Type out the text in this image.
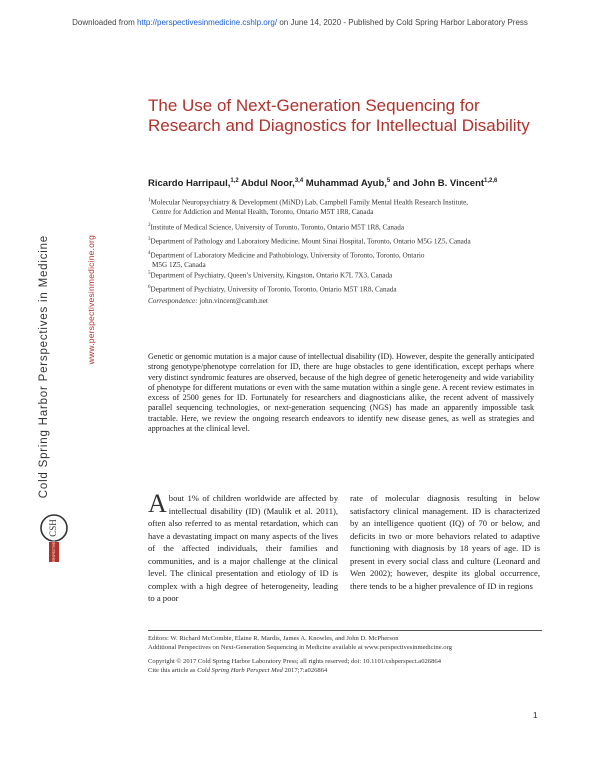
Downloaded from http://perspectivesinmedicine.cshlp.org/ on June 14, 2020 - Published by Cold Spring Harbor Laboratory Press
Cold Spring Harbor Perspectives in Medicine	www.perspectivesinmedicine.org
CSH
PERSPECTIVES
The Use of Next-Generation Sequencing for Research and Diagnostics for Intellectual Disability
Ricardo Harripaul,$^{1,2}$ Abdul Noor,$^{3,4}$ Muhammad Ayub,$^5$ and John B. Vincent$^{1,2,6}$
$^1$Molecular Neuropsychiatry & Development (MiND) Lab, Campbell Family Mental Health Research Institute,
Centre for Addiction and Mental Health, Toronto, Ontario M5T 1R8, Canada
$^2$Institute of Medical Science, University of Toronto, Toronto, Ontario M5T 1R8, Canada
$^3$Department of Pathology and Laboratory Medicine, Mount Sinai Hospital, Toronto, Ontario M5G 1Z5, Canada
$^4$Department of Laboratory Medicine and Pathobiology, University of Toronto, Toronto, Ontario
M5G 1Z5, Canada
$^5$Department of Psychiatry, Queen’s University, Kingston, Ontario K7L 7X3, Canada
$^6$Department of Psychiatry, University of Toronto, Toronto, Ontario M5T 1R8, Canada
Correspondence: john.vincent@camh.net
Genetic or genomic mutation is a major cause of intellectual disability (ID). However, despite the generally anticipated strong genotype/phenotype correlation for ID, there are huge obstacles to gene identification, except perhaps where very distinct syndromic features are observed, because of the high degree of genetic heterogeneity and wide variability of phenotype for different mutations or even with the same mutation within a single gene. A recent review estimates in excess of 2500 genes for ID. Fortunately for researchers and diagnosticians alike, the recent advent of massively parallel sequencing technologies, or next-generation sequencing (NGS) has made an apparently impossible task tractable. Here, we review the ongoing research endeavors to identify new disease genes, as well as strategies and approaches at the clinical level.
About 1% of children worldwide are affected by intellectual disability (ID) (Maulik et al. 2011), often also referred to as mental retardation, which can have a devastating impact on many aspects of the lives of the affected individuals, their families and communities, and is a major challenge at the clinical level. The clinical presentation and etiology of ID is complex with a high degree of heterogeneity, leading to a poor
rate of molecular diagnosis resulting in below satisfactory clinical management. ID is characterized by an intelligence quotient (IQ) of 70 or below, and deficits in two or more behaviors related to adaptive functioning with diagnosis by 18 years of age. ID is present in every social class and culture (Leonard and Wen 2002); however, despite its global occurrence, there tends to be a higher prevalence of ID in regions
Editors: W. Richard McCombie, Elaine R. Mardis, James A. Knowles, and John D. McPherson
Additional Perspectives on Next-Generation Sequencing in Medicine available at www.perspectivesinmedicine.org
Copyright © 2017 Cold Spring Harbor Laboratory Press; all rights reserved; doi: 10.1101/cshperspect.a026864
Cite this article as Cold Spring Harb Perspect Med 2017;7:a026864
1
